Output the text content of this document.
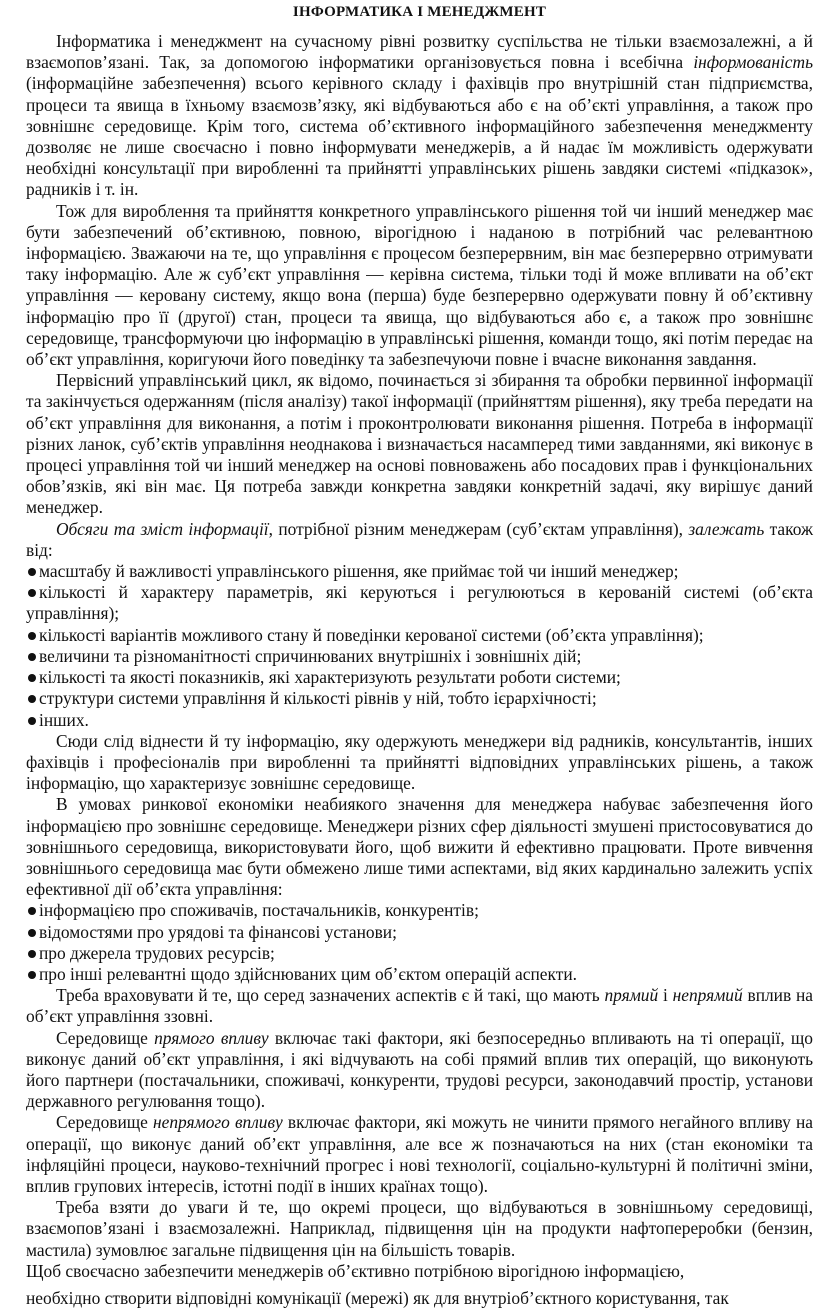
ІНФОРМАТИКА І МЕНЕДЖМЕНТ

Інформатика і менеджмент на сучасному рівні розвитку суспільства не тільки взаємозалежні, а й взаємопов’язані. Так, за допомогою інформатики організовується повна і всебічна інформованість (інформаційне забезпечення) всього керівного складу і фахівців про внутрішній стан підприємства, процеси та явища в їхньому взаємозв’язку, які відбуваються або є на об’єкті управління, а також про зовнішнє середовище. Крім того, система об’єктивного інформаційного забезпечення менеджменту дозволяє не лише своєчасно і повно інформувати менеджерів, а й надає їм можливість одержувати необхідні консультації при виробленні та прийнятті управлінських рішень завдяки системі «підказок», радників і т. ін.

Тож для вироблення та прийняття конкретного управлінського рішення той чи інший менеджер має бути забезпечений об’єктивною, повною, вірогідною і наданою в потрібний час релевантною інформацією. Зважаючи на те, що управління є процесом безперервним, він має безперервно отримувати таку інформацію. Але ж суб’єкт управління — керівна система, тільки тоді й може впливати на об’єкт управління — керовану систему, якщо вона (перша) буде безперервно одержувати повну й об’єктивну інформацію про її (другої) стан, процеси та явища, що відбуваються або є, а також про зовнішнє середовище, трансформуючи цю інформацію в управлінські рішення, команди тощо, які потім передає на об’єкт управління, коригуючи його поведінку та забезпечуючи повне і вчасне виконання завдання.

Первісний управлінський цикл, як відомо, починається зі збирання та обробки первинної інформації та закінчується одержанням (після аналізу) такої інформації (прийняттям рішення), яку треба передати на об’єкт управління для виконання, а потім і проконтролювати виконання рішення. Потреба в інформації різних ланок, суб’єктів управління неоднакова і визначається насамперед тими завданнями, які виконує в процесі управління той чи інший менеджер на основі повноважень або посадових прав і функціональних обов’язків, які він має. Ця потреба завжди конкретна завдяки конкретній задачі, яку вирішує даний менеджер.

Обсяги та зміст інформації, потрібної різним менеджерам (суб’єктам управління), залежать також від:

масштабу й важливості управлінського рішення, яке приймає той чи інший менеджер;
кількості й характеру параметрів, які керуються і регулюються в керованій системі (об’єкта управління);
кількості варіантів можливого стану й поведінки керованої системи (об’єкта управління);
величини та різноманітності спричинюваних внутрішніх і зовнішніх дій;
кількості та якості показників, які характеризують результати роботи системи;
структури системи управління й кількості рівнів у ній, тобто ієрархічності;
інших.

Сюди слід віднести й ту інформацію, яку одержують менеджери від радників, консультантів, інших фахівців і професіоналів при виробленні та прийнятті відповідних управлінських рішень, а також інформацію, що характеризує зовнішнє середовище.

В умовах ринкової економіки неабиякого значення для менеджера набуває забезпечення його інформацією про зовнішнє середовище. Менеджери різних сфер діяльності змушені пристосовуватися до зовнішнього середовища, використовувати його, щоб вижити й ефективно працювати. Проте вивчення зовнішнього середовища має бути обмежено лише тими аспектами, від яких кардинально залежить успіх ефективної дії об’єкта управління:

інформацією про споживачів, постачальників, конкурентів;
відомостями про урядові та фінансові установи;
про джерела трудових ресурсів;
про інші релевантні щодо здійснюваних цим об’єктом операцій аспекти.

Треба враховувати й те, що серед зазначених аспектів є й такі, що мають прямий і непрямий вплив на об’єкт управління ззовні.

Середовище прямого впливу включає такі фактори, які безпосередньо впливають на ті операції, що виконує даний об’єкт управління, і які відчувають на собі прямий вплив тих операцій, що виконують його партнери (постачальники, споживачі, конкуренти, трудові ресурси, законодавчий простір, установи державного регулювання тощо).

Середовище непрямого впливу включає фактори, які можуть не чинити прямого негайного впливу на операції, що виконує даний об’єкт управління, але все ж позначаються на них (стан економіки та інфляційні процеси, науково-технічний прогрес і нові технології, соціально-культурні й політичні зміни, вплив групових інтересів, істотні події в інших країнах тощо).

Треба взяти до уваги й те, що окремі процеси, що відбуваються в зовнішньому середовищі, взаємопов’язані і взаємозалежні. Наприклад, підвищення цін на продукти нафтопереробки (бензин, мастила) зумовлює загальне підвищення цін на більшість товарів.

Щоб своєчасно забезпечити менеджерів об’єктивно потрібною вірогідною інформацією,

необхідно створити відповідні комунікації (мережі) як для внутріоб’єктного користування, так
